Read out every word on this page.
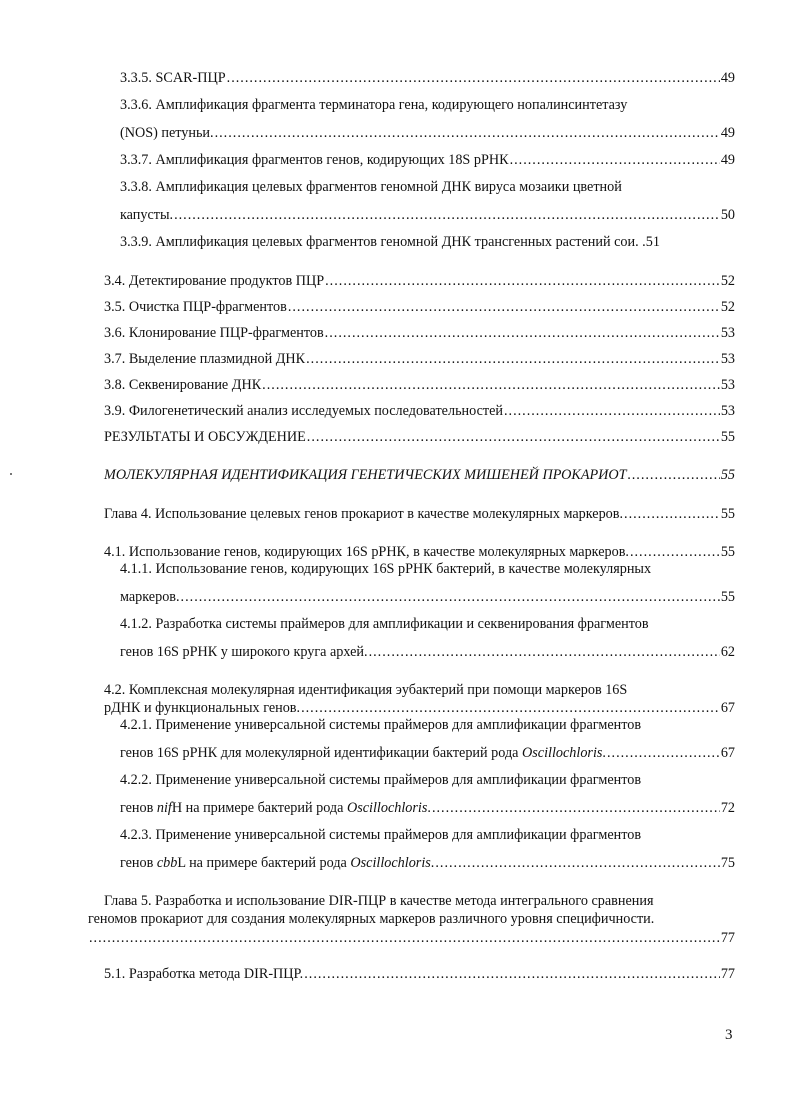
3.3.5. SCAR-ПЦР .....	49
3.3.6. Амплификация фрагмента терминатора гена, кодирующего нопалинсинтетазу
(NOS) петуньи. .....	49
3.3.7. Амплификация фрагментов генов, кодирующих 18S рРНК .....	49
3.3.8. Амплификация целевых фрагментов геномной ДНК вируса мозаики цветной
капусты. .....	50
3.3.9. Амплификация целевых фрагментов геномной ДНК трансгенных растений сои. . 51
3.4. Детектирование продуктов ПЦР .....	52
3.5. Очистка ПЦР-фрагментов .....	52
3.6. Клонирование ПЦР-фрагментов .....	53
3.7. Выделение плазмидной ДНК .....	53
3.8. Секвенирование ДНК .....	53
3.9. Филогенетический анализ исследуемых последовательностей .....	53
РЕЗУЛЬТАТЫ И ОБСУЖДЕНИЕ .....	55
МОЛЕКУЛЯРНАЯ ИДЕНТИФИКАЦИЯ ГЕНЕТИЧЕСКИХ МИШЕНЕЙ ПРОКАРИОТ .....	55
Глава 4. Использование целевых генов прокариот в качестве молекулярных маркеров. .....	55
4.1. Использование генов, кодирующих 16S рРНК, в качестве молекулярных маркеров. .....	55
4.1.1. Использование генов, кодирующих 16S рРНК бактерий, в качестве молекулярных
маркеров. .....	55
4.1.2. Разработка системы праймеров для амплификации и секвенирования фрагментов
генов 16S рРНК у широкого круга архей. .....	62
4.2. Комплексная молекулярная идентификация эубактерий при помощи маркеров 16S
рДНК и функциональных генов. .....	67
4.2.1. Применение универсальной системы праймеров для амплификации фрагментов
генов 16S рРНК для молекулярной идентификации бактерий рода Oscillochloris. .....	67
4.2.2. Применение универсальной системы праймеров для амплификации фрагментов
генов nifH на примере бактерий рода Oscillochloris. .....	72
4.2.3. Применение универсальной системы праймеров для амплификации фрагментов
генов cbbL на примере бактерий рода Oscillochloris. .....	75
Глава 5. Разработка и использование DIR-ПЦР в качестве метода интегрального сравнения
геномов прокариот для создания молекулярных маркеров различного уровня специфичности.
.....
77
5.1. Разработка метода DIR-ПЦР. .....	77
3
